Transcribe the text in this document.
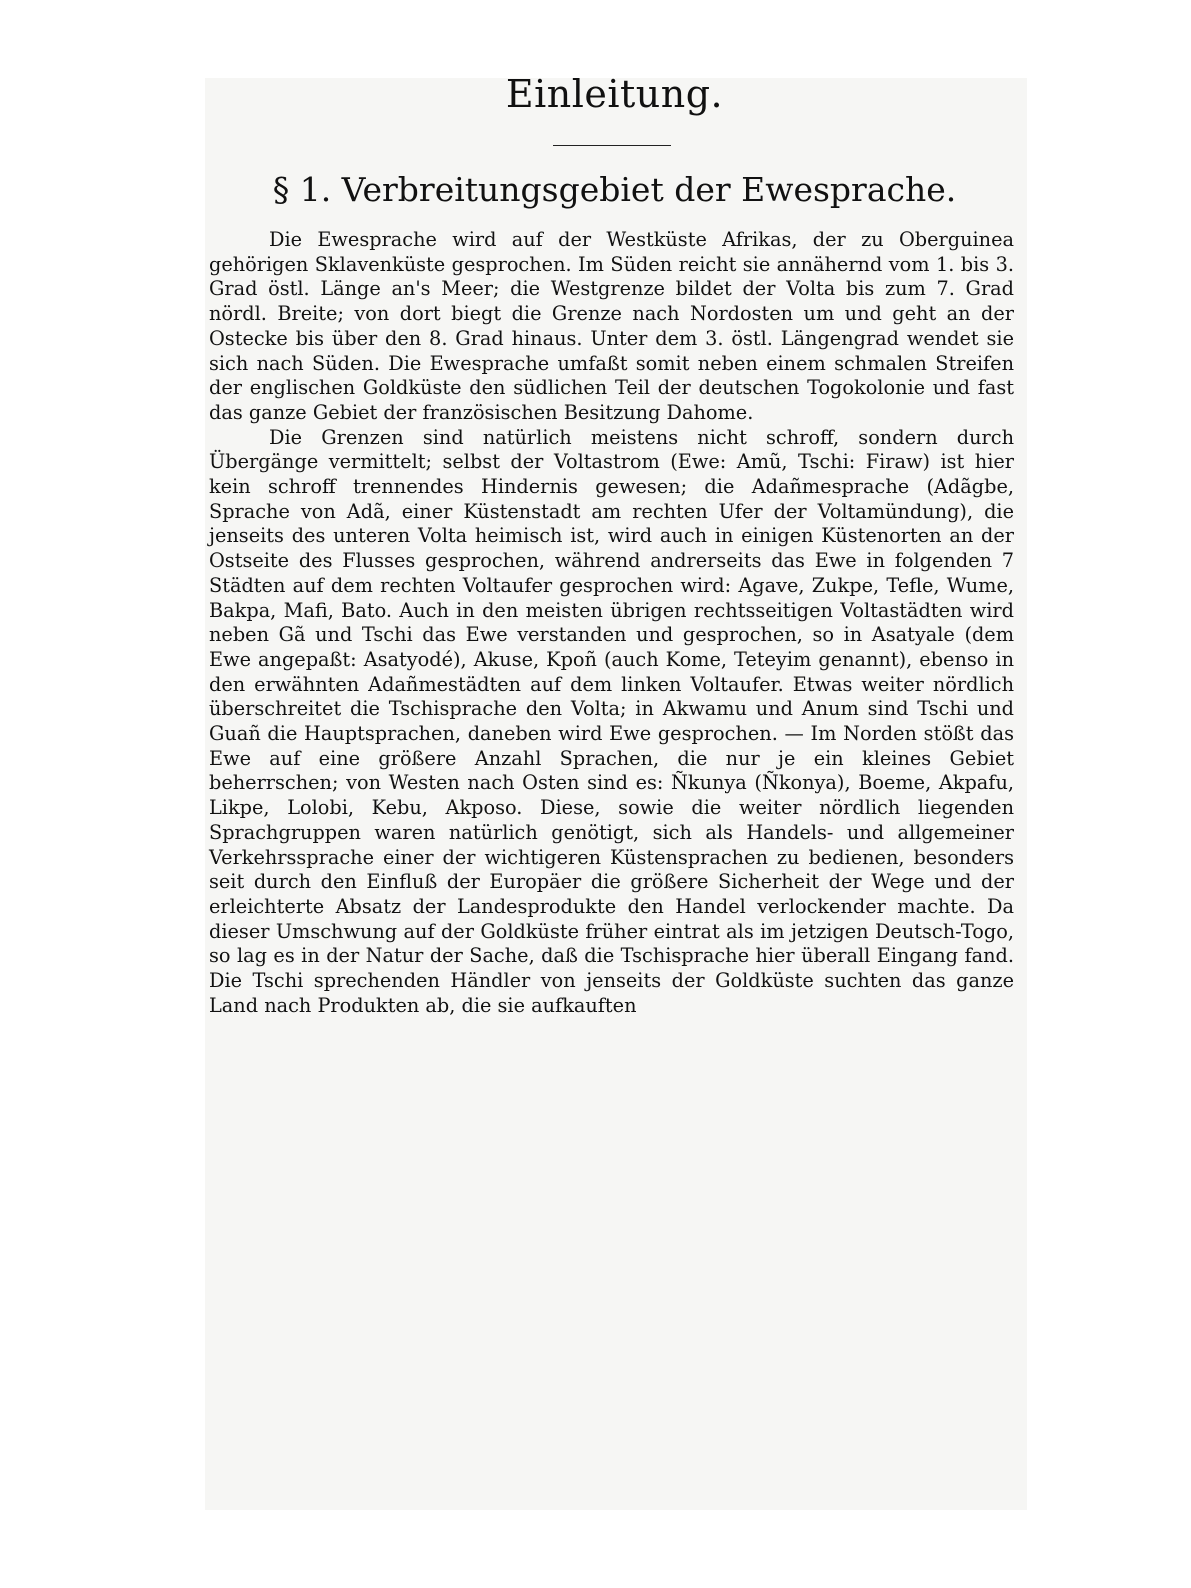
Einleitung.
§ 1. Verbreitungsgebiet der Ewesprache.

Die Ewesprache wird auf der Westküste Afrikas, der zu Oberguinea gehörigen Sklavenküste gesprochen. Im Süden reicht sie annähernd vom 1. bis 3. Grad östl. Länge an's Meer; die Westgrenze bildet der Volta bis zum 7. Grad nördl. Breite; von dort biegt die Grenze nach Nordosten um und geht an der Ostecke bis über den 8. Grad hinaus. Unter dem 3. östl. Längengrad wendet sie sich nach Süden. Die Ewesprache umfaßt somit neben einem schmalen Streifen der englischen Goldküste den südlichen Teil der deutschen Togokolonie und fast das ganze Gebiet der französischen Besitzung Dahome.

Die Grenzen sind natürlich meistens nicht schroff, sondern durch Übergänge vermittelt; selbst der Voltastrom (Ewe: Amũ, Tschi: Firaw) ist hier kein schroff trennendes Hindernis gewesen; die Adañmesprache (Adãgbe, Sprache von Adã, einer Küstenstadt am rechten Ufer der Voltamündung), die jenseits des unteren Volta heimisch ist, wird auch in einigen Küstenorten an der Ostseite des Flusses gesprochen, während andrerseits das Ewe in folgenden 7 Städten auf dem rechten Voltaufer gesprochen wird: Agave, Zukpe, Tefle, Wume, Bakpa, Mafi, Bato. Auch in den meisten übrigen rechtsseitigen Voltastädten wird neben Gã und Tschi das Ewe verstanden und gesprochen, so in Asatyale (dem Ewe angepaßt: Asatyodé), Akuse, Kpoñ (auch Kome, Teteyim genannt), ebenso in den erwähnten Adañmestädten auf dem linken Voltaufer. Etwas weiter nördlich überschreitet die Tschisprache den Volta; in Akwamu und Anum sind Tschi und Guañ die Hauptsprachen, daneben wird Ewe gesprochen. — Im Norden stößt das Ewe auf eine größere Anzahl Sprachen, die nur je ein kleines Gebiet beherrschen; von Westen nach Osten sind es: Ñkunya (Ñkonya), Boeme, Akpafu, Likpe, Lolobi, Kebu, Akposo. Diese, sowie die weiter nördlich liegenden Sprachgruppen waren natürlich genötigt, sich als Handels- und allgemeiner Verkehrssprache einer der wichtigeren Küstensprachen zu bedienen, besonders seit durch den Einfluß der Europäer die größere Sicherheit der Wege und der erleichterte Absatz der Landesprodukte den Handel verlockender machte. Da dieser Umschwung auf der Goldküste früher eintrat als im jetzigen Deutsch-Togo, so lag es in der Natur der Sache, daß die Tschisprache hier überall Eingang fand. Die Tschi sprechenden Händler von jenseits der Goldküste suchten das ganze Land nach Produkten ab, die sie aufkauften
